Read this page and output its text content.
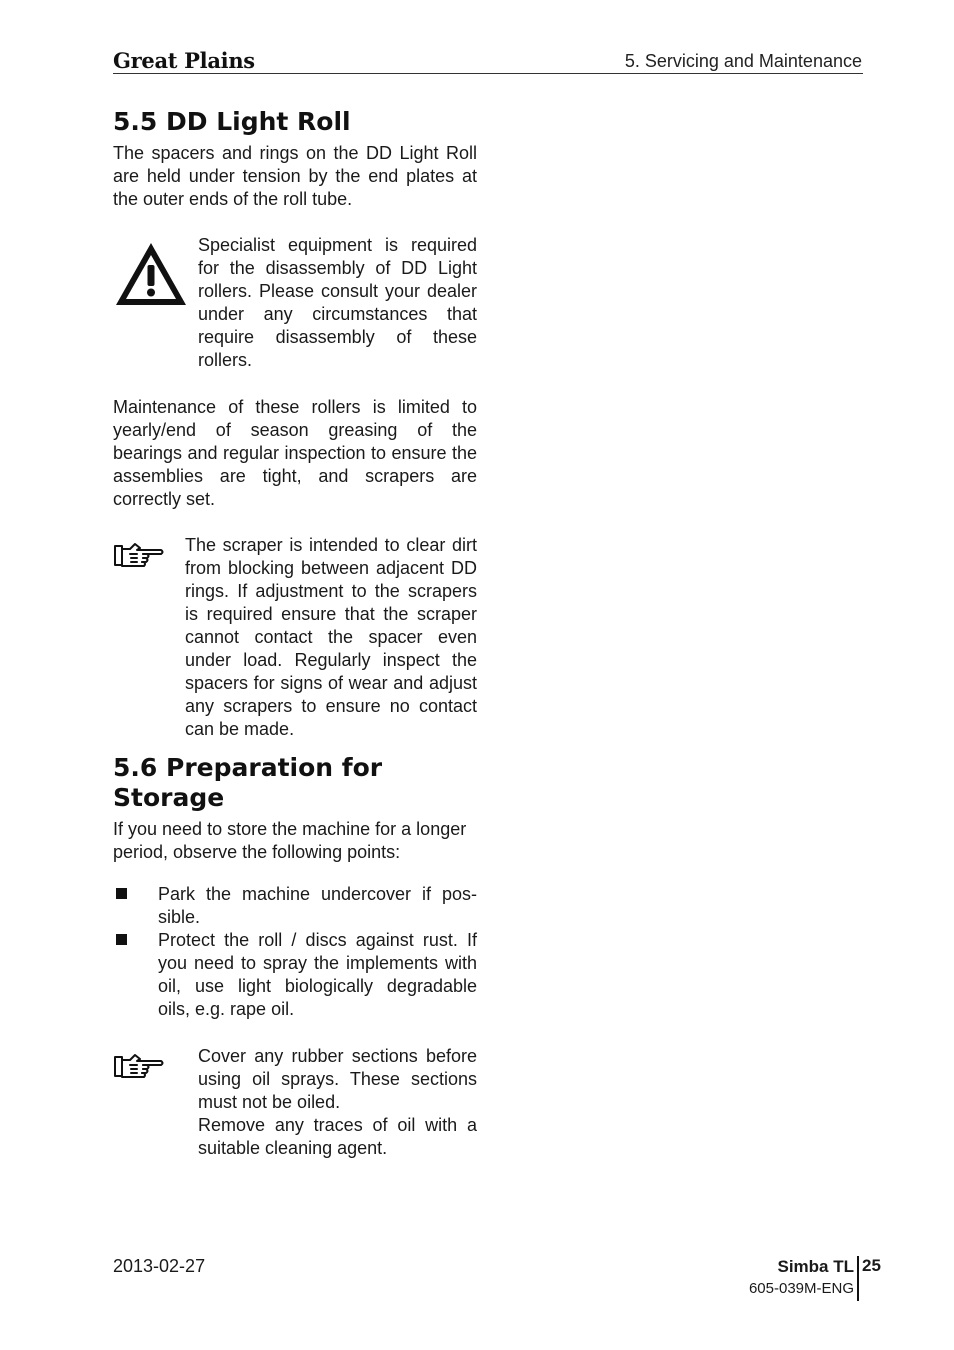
Great Plains	5. Servicing and Maintenance
5.5 DD Light Roll

The spacers and rings on the DD Light Roll are held under tension by the end plates at the outer ends of the roll tube.

Specialist equipment is required for the disassembly of DD Light rollers. Please consult your dealer under any circumstances that require disassembly of these rollers.

Maintenance of these rollers is limited to yearly/end of season greasing of the bearings and regular inspection to ensure the assemblies are tight, and scrapers are correctly set.

The scraper is intended to clear dirt from blocking between adjacent DD rings. If adjustment to the scrapers is required ensure that the scraper cannot contact the spacer even under load. Regularly inspect the spacers for signs of wear and adjust any scrapers to ensure no contact can be made.

5.6 Preparation for
Storage

If you need to store the machine for a longer period, observe the following points:

Park the machine undercover if pos-sible.

Protect the roll / discs against rust. If you need to spray the implements with oil, use light biologically degradable oils, e.g. rape oil.

Cover any rubber sections before using oil sprays. These sections must not be oiled.

Remove any traces of oil with a suitable cleaning agent.

2013-02-27	Simba TL 25
605-039M-ENG
